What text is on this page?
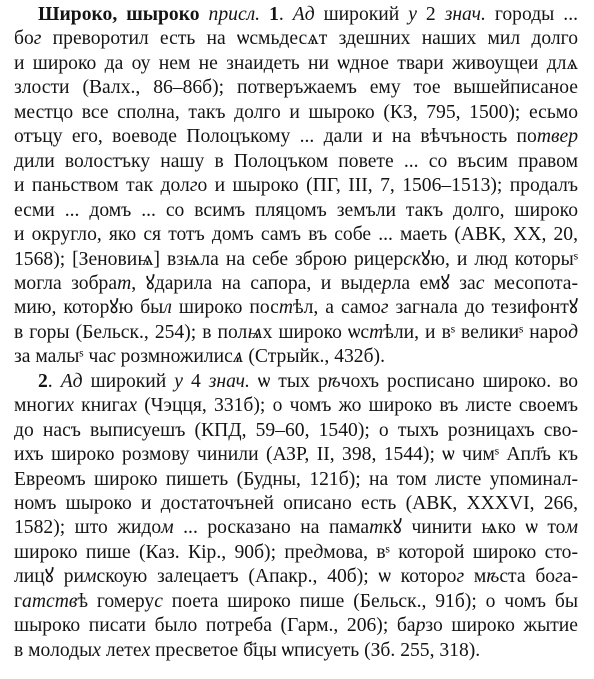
Широко, шыроко присл. 1. Ад широкий у 2 знач. городы ...
бог преворотил есть на ѡсмьдесѧт здешних наших мил долго
и широко да оу нем не знаидеть ни ѡдное твари живоущеи длѧ
злости (Валх., 86–86б); потверъжаемъ ему тое вышейписаное
местцо все сполна, такъ долго и шыроко (КЗ, 795, 1500); есьмо
отъцу его, воеводе Полоцъкому ... дали и на вѣчъность потвер
дили волостъку нашу в Полоцъком повете ... со въсим правом
и паньством так долго и шыроко (ПГ, III, 7, 1506–1513); продалъ
есми ... домъ ... со всимъ пляцомъ земъли такъ долго, широко
и округло, яко ся тотъ домъ самъ въ собе ... маеть (АВК, ХХ, 20,
1568); [Зеновиѩ] взѩла на себе зброю рицерскꙋю, и люд которыˢ
могла зобрат, ꙋдарила на сапора, и выдерла емꙋ зас месопота-
мию, которꙋю был широко постѣл, а самог загнала до тезифонтꙋ
в горы (Бельск., 254); в полѩх широко ѡстѣли, и вˢ великиˢ народ
за малыˢ час розмножилисѧ (Стрыйк., 432б).
2. Ад широкий у 4 знач. ѡ тых рѣчохъ росписано широко. во
многих книгах (Чэцця, 331б); о чомъ жо широко въ листе своемъ
до насъ выписуешъ (КПД, 59–60, 1540); о тыхъ розницахъ свo-
ихъ широко розмову чинили (АЗР, II, 398, 1544); ѡ чимˢ Апл҃ъ къ
Евреомъ широко пишеть (Будны, 121б); на том листе упоминал-
номъ шыроко и достаточъней описано есть (АВК, ХХХVI, 266,
1582); што жидом ... росказано на паматкꙋ чинити ѩко ѡ том
широко пише (Каз. Кір., 90б); предмова, вˢ которой широко сто-
лицꙋ римскоую залецаетъ (Апакр., 40б); ѡ которог мѣста бога-
гатствѣ гомерус поета широко пише (Бельск., 91б); о чомъ бы
шыроко писати было потреба (Гарм., 206); барзо широко жытие
в молодых летех пресветое б҃цы ѡписуеть (Зб. 255, 318).
